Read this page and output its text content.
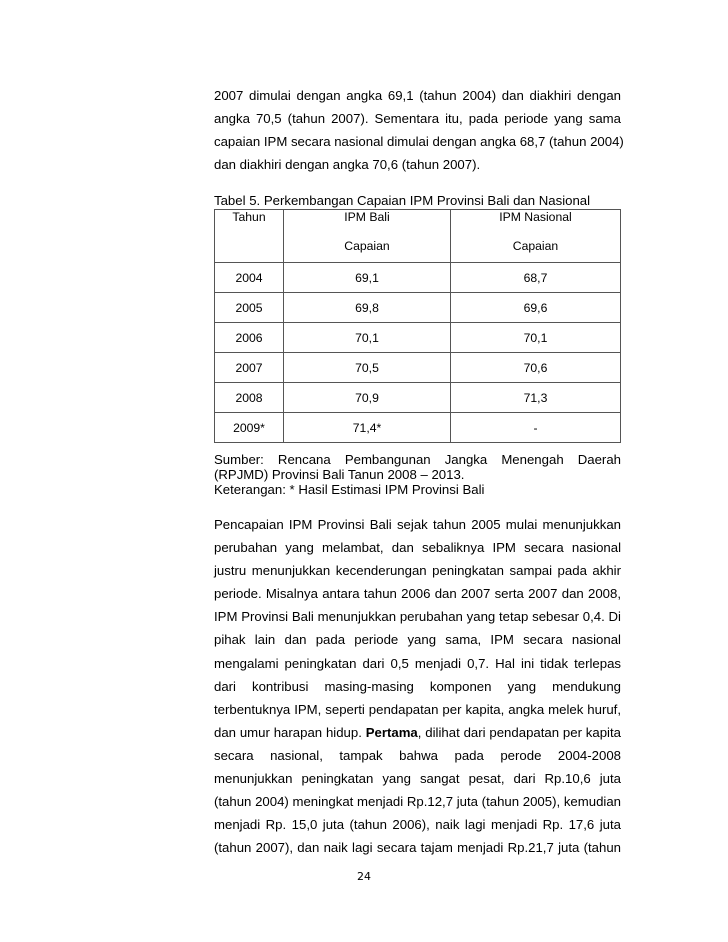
2007 dimulai dengan angka 69,1 (tahun 2004) dan diakhiri dengan
angka 70,5 (tahun 2007). Sementara itu, pada periode yang sama
capaian IPM secara nasional dimulai dengan angka 68,7 (tahun 2004)
dan diakhiri dengan angka 70,6 (tahun 2007).
Tabel 5. Perkembangan Capaian IPM Provinsi Bali dan Nasional
Tahun	IPM Bali	IPM Nasional
	Capaian	Capaian
2004	69,1	68,7
2005	69,8	69,6
2006	70,1	70,1
2007	70,5	70,6
2008	70,9	71,3
2009*	71,4*	-
Sumber: Rencana Pembangunan Jangka Menengah Daerah
(RPJMD) Provinsi Bali Tanun 2008 – 2013.
Keterangan: * Hasil Estimasi IPM Provinsi Bali
Pencapaian IPM Provinsi Bali sejak tahun 2005 mulai menunjukkan
perubahan yang melambat, dan sebaliknya IPM secara nasional
justru menunjukkan kecenderungan peningkatan sampai pada akhir
periode. Misalnya antara tahun 2006 dan 2007 serta 2007 dan 2008,
IPM Provinsi Bali menunjukkan perubahan yang tetap sebesar 0,4. Di
pihak lain dan pada periode yang sama, IPM secara nasional
mengalami peningkatan dari 0,5 menjadi 0,7. Hal ini tidak terlepas
dari kontribusi masing-masing komponen yang mendukung
terbentuknya IPM, seperti pendapatan per kapita, angka melek huruf,
dan umur harapan hidup. Pertama, dilihat dari pendapatan per kapita
secara nasional, tampak bahwa pada perode 2004-2008
menunjukkan peningkatan yang sangat pesat, dari Rp.10,6 juta
(tahun 2004) meningkat menjadi Rp.12,7 juta (tahun 2005), kemudian
menjadi Rp. 15,0 juta (tahun 2006), naik lagi menjadi Rp. 17,6 juta
(tahun 2007), dan naik lagi secara tajam menjadi Rp.21,7 juta (tahun
24
